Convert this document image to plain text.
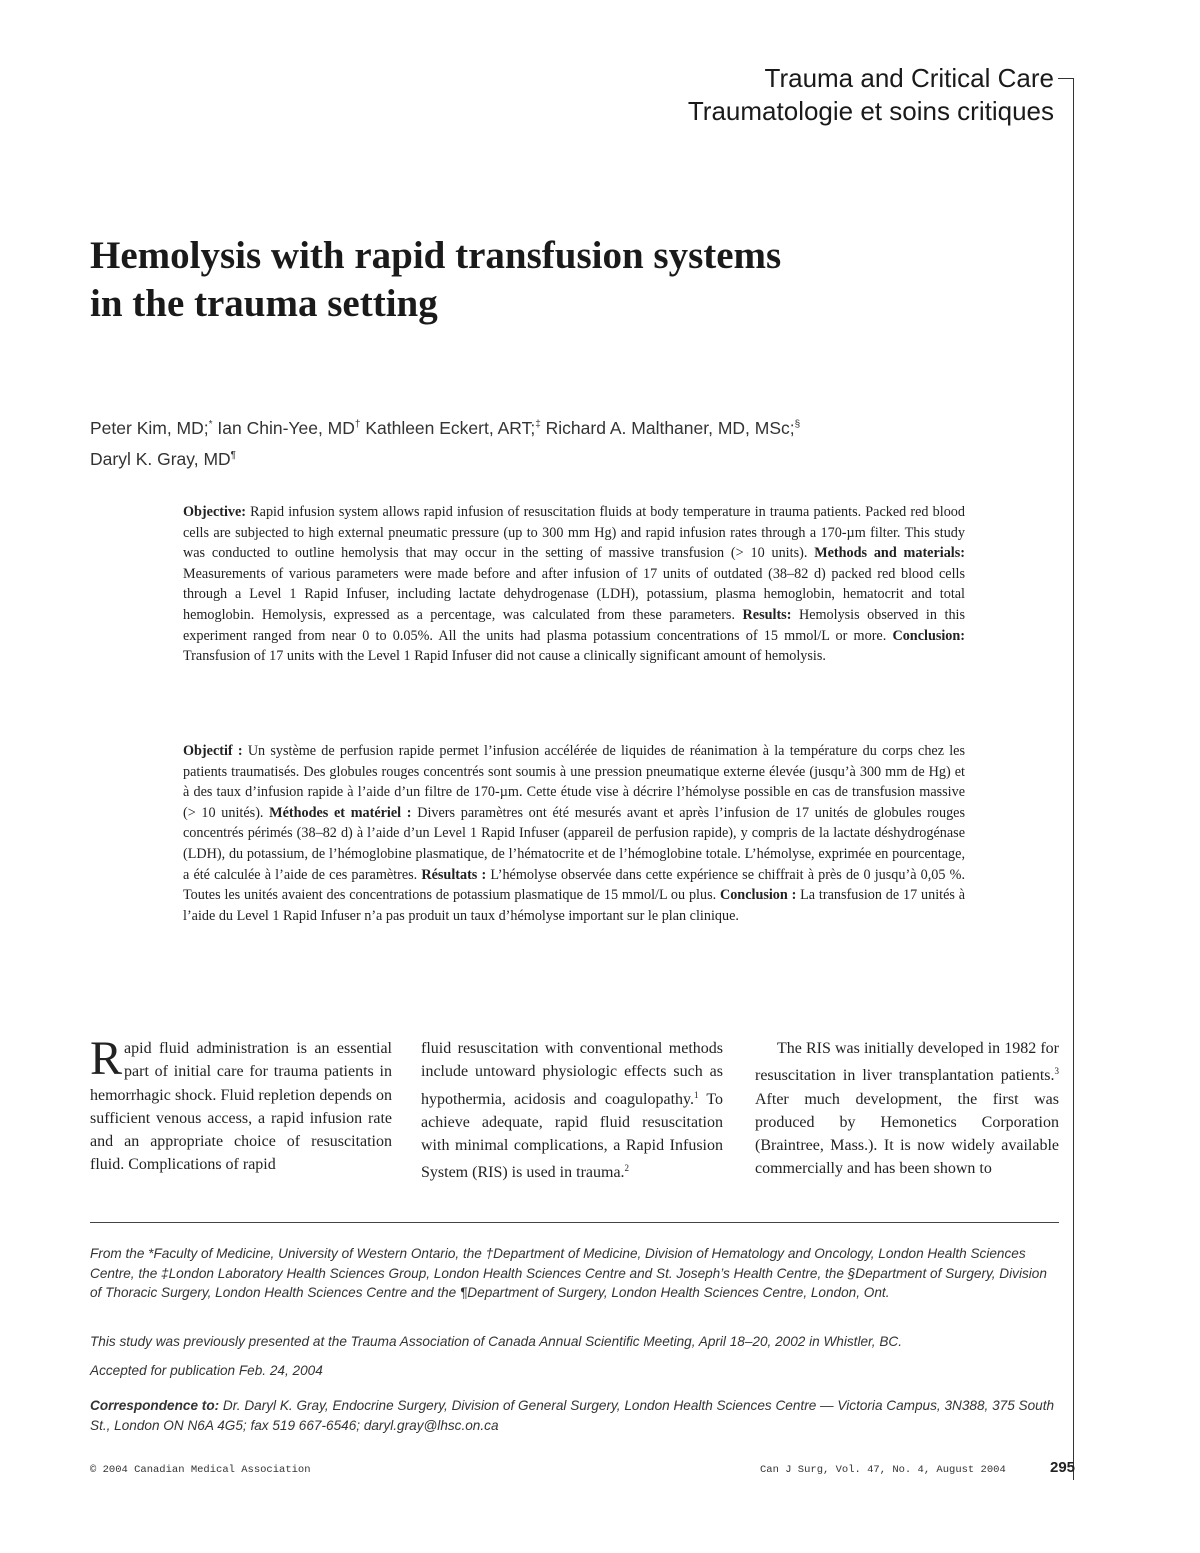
Trauma and Critical Care
Traumatologie et soins critiques
Hemolysis with rapid transfusion systems
in the trauma setting
Peter Kim, MD;* Ian Chin-Yee, MD† Kathleen Eckert, ART;‡ Richard A. Malthaner, MD, MSc;§
Daryl K. Gray, MD¶
Objective: Rapid infusion system allows rapid infusion of resuscitation fluids at body temperature in trauma patients. Packed red blood cells are subjected to high external pneumatic pressure (up to 300 mm Hg) and rapid infusion rates through a 170-µm filter. This study was conducted to outline hemolysis that may occur in the setting of massive transfusion (> 10 units). Methods and materials: Measurements of various parameters were made before and after infusion of 17 units of outdated (38–82 d) packed red blood cells through a Level 1 Rapid Infuser, including lactate dehydrogenase (LDH), potassium, plasma hemoglobin, hematocrit and total hemoglobin. Hemolysis, expressed as a percentage, was calculated from these parameters. Results: Hemolysis observed in this experiment ranged from near 0 to 0.05%. All the units had plasma potassium concentrations of 15 mmol/L or more. Conclusion: Transfusion of 17 units with the Level 1 Rapid Infuser did not cause a clinically significant amount of hemolysis.
Objectif : Un système de perfusion rapide permet l’infusion accélérée de liquides de réanimation à la température du corps chez les patients traumatisés. Des globules rouges concentrés sont soumis à une pression pneumatique externe élevée (jusqu’à 300 mm de Hg) et à des taux d’infusion rapide à l’aide d’un filtre de 170-µm. Cette étude vise à décrire l’hémolyse possible en cas de transfusion massive (> 10 unités). Méthodes et matériel : Divers paramètres ont été mesurés avant et après l’infusion de 17 unités de globules rouges concentrés périmés (38–82 d) à l’aide d’un Level 1 Rapid Infuser (appareil de perfusion rapide), y compris de la lactate déshydrogénase (LDH), du potassium, de l’hémoglobine plasmatique, de l’hématocrite et de l’hémoglobine totale. L’hémolyse, exprimée en pourcentage, a été calculée à l’aide de ces paramètres. Résultats : L’hémolyse observée dans cette expérience se chiffrait à près de 0 jusqu’à 0,05 %. Toutes les unités avaient des concentrations de potassium plasmatique de 15 mmol/L ou plus. Conclusion : La transfusion de 17 unités à l’aide du Level 1 Rapid Infuser n’a pas produit un taux d’hémolyse important sur le plan clinique.
Rapid fluid administration is an essential part of initial care for trauma patients in hemorrhagic shock. Fluid repletion depends on sufficient venous access, a rapid infusion rate and an appropriate choice of resuscitation fluid. Complications of rapid
fluid resuscitation with conventional methods include untoward physiologic effects such as hypothermia, acidosis and coagulopathy.$^1$ To achieve adequate, rapid fluid resuscitation with minimal complications, a Rapid Infusion System (RIS) is used in trauma.$^2$
The RIS was initially developed in 1982 for resuscitation in liver transplantation patients.$^3$ After much development, the first was produced by Hemonetics Corporation (Braintree, Mass.). It is now widely available commercially and has been shown to
From the *Faculty of Medicine, University of Western Ontario, the †Department of Medicine, Division of Hematology and Oncology, London Health Sciences Centre, the ‡London Laboratory Health Sciences Group, London Health Sciences Centre and St. Joseph’s Health Centre, the §Department of Surgery, Division of Thoracic Surgery, London Health Sciences Centre and the ¶Department of Surgery, London Health Sciences Centre, London, Ont.
This study was previously presented at the Trauma Association of Canada Annual Scientific Meeting, April 18–20, 2002 in Whistler, BC.
Accepted for publication Feb. 24, 2004
Correspondence to: Dr. Daryl K. Gray, Endocrine Surgery, Division of General Surgery, London Health Sciences Centre — Victoria Campus, 3N388, 375 South St., London ON N6A 4G5; fax 519 667-6546; daryl.gray@lhsc.on.ca
© 2004 Canadian Medical Association	Can J Surg, Vol. 47, No. 4, August 2004	295
